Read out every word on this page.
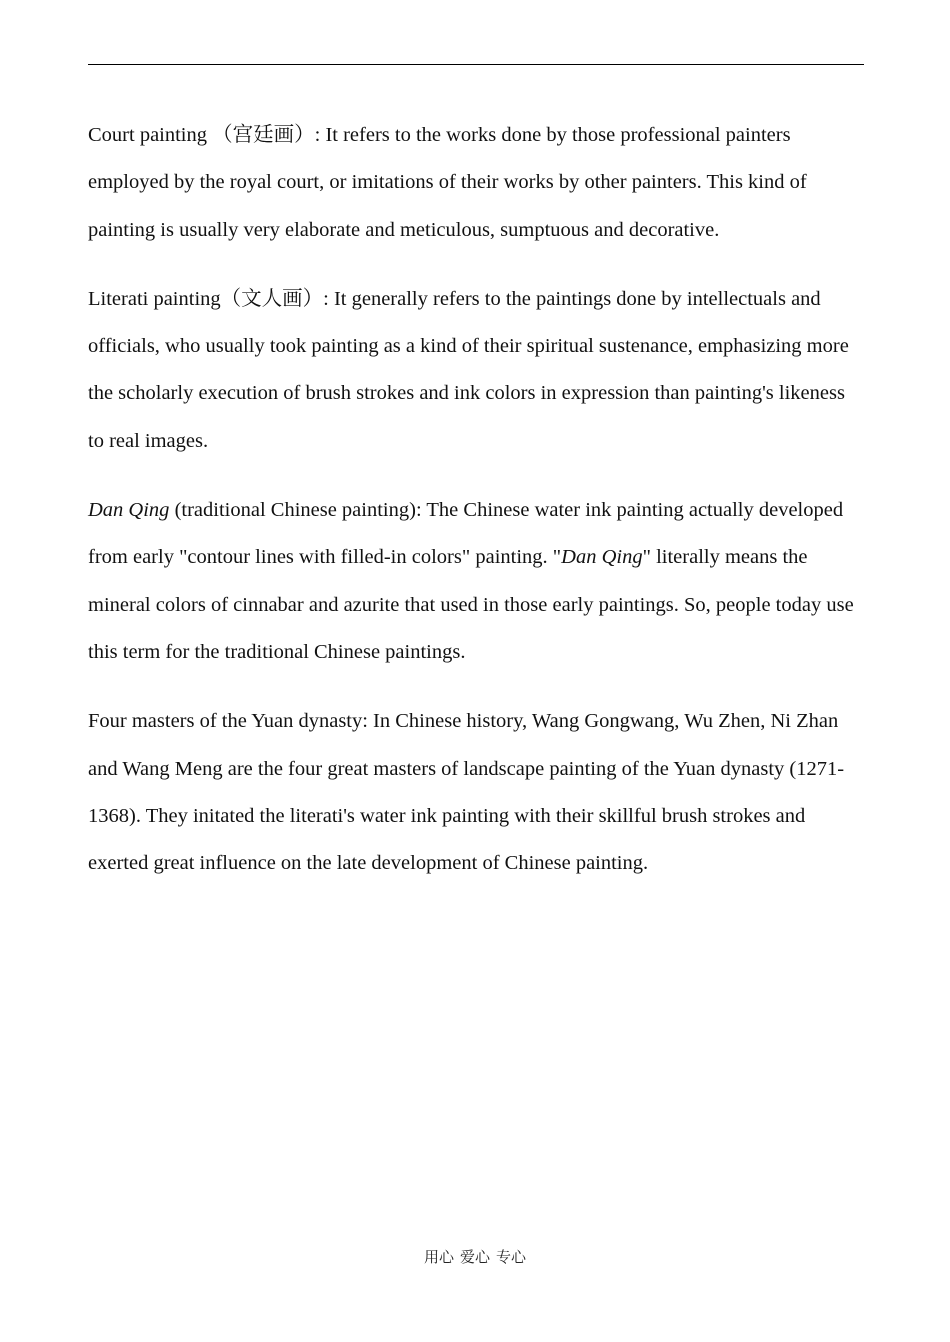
Court painting （宫廷画）: It refers to the works done by those professional painters employed by the royal court, or imitations of their works by other painters. This kind of painting is usually very elaborate and meticulous, sumptuous and decorative.

Literati painting（文人画）: It generally refers to the paintings done by intellectuals and officials, who usually took painting as a kind of their spiritual sustenance, emphasizing more the scholarly execution of brush strokes and ink colors in expression than painting's likeness to real images.

Dan Qing (traditional Chinese painting): The Chinese water ink painting actually developed from early "contour lines with filled-in colors" painting. "Dan Qing" literally means the mineral colors of cinnabar and azurite that used in those early paintings. So, people today use this term for the traditional Chinese paintings.

Four masters of the Yuan dynasty: In Chinese history, Wang Gongwang, Wu Zhen, Ni Zhan and Wang Meng are the four great masters of landscape painting of the Yuan dynasty (1271-1368). They initated the literati's water ink painting with their skillful brush strokes and exerted great influence on the late development of Chinese painting.

用心 爱心 专心
